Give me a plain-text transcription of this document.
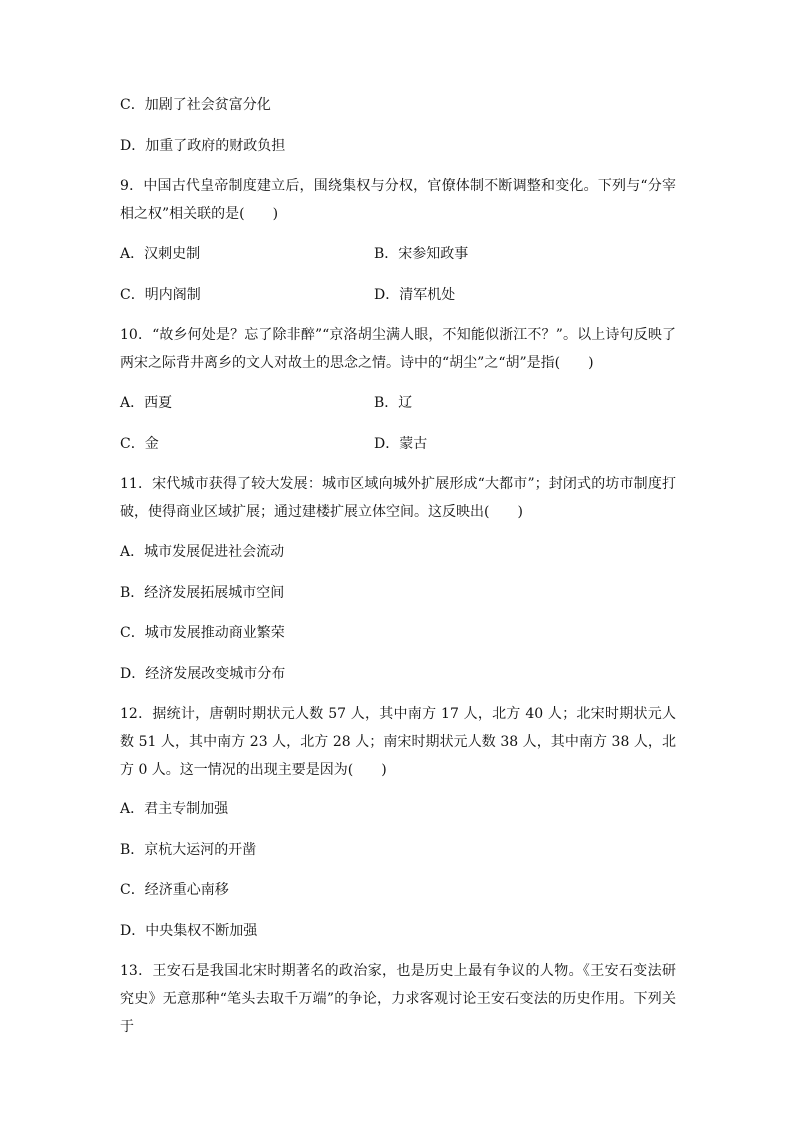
C．加剧了社会贫富分化
D．加重了政府的财政负担
9．中国古代皇帝制度建立后，围绕集权与分权，官僚体制不断调整和变化。下列与“分宰相之权”相关联的是(　　)
A．汉刺史制	B．宋参知政事
C．明内阁制	D．清军机处
10．“故乡何处是？忘了除非醉”“京洛胡尘满人眼，不知能似浙江不？”。以上诗句反映了两宋之际背井离乡的文人对故土的思念之情。诗中的“胡尘”之“胡”是指(　　)
A．西夏	B．辽
C．金	D．蒙古
11．宋代城市获得了较大发展：城市区域向城外扩展形成“大都市”；封闭式的坊市制度打破，使得商业区域扩展；通过建楼扩展立体空间。这反映出(　　)
A．城市发展促进社会流动
B．经济发展拓展城市空间
C．城市发展推动商业繁荣
D．经济发展改变城市分布
12．据统计，唐朝时期状元人数 57 人，其中南方 17 人，北方 40 人；北宋时期状元人数 51 人，其中南方 23 人，北方 28 人；南宋时期状元人数 38 人，其中南方 38 人，北方 0 人。这一情况的出现主要是因为(　　)
A．君主专制加强
B．京杭大运河的开凿
C．经济重心南移
D．中央集权不断加强
13．王安石是我国北宋时期著名的政治家，也是历史上最有争议的人物。《王安石变法研究史》无意那种“笔头去取千万端”的争论，力求客观讨论王安石变法的历史作用。下列关于
